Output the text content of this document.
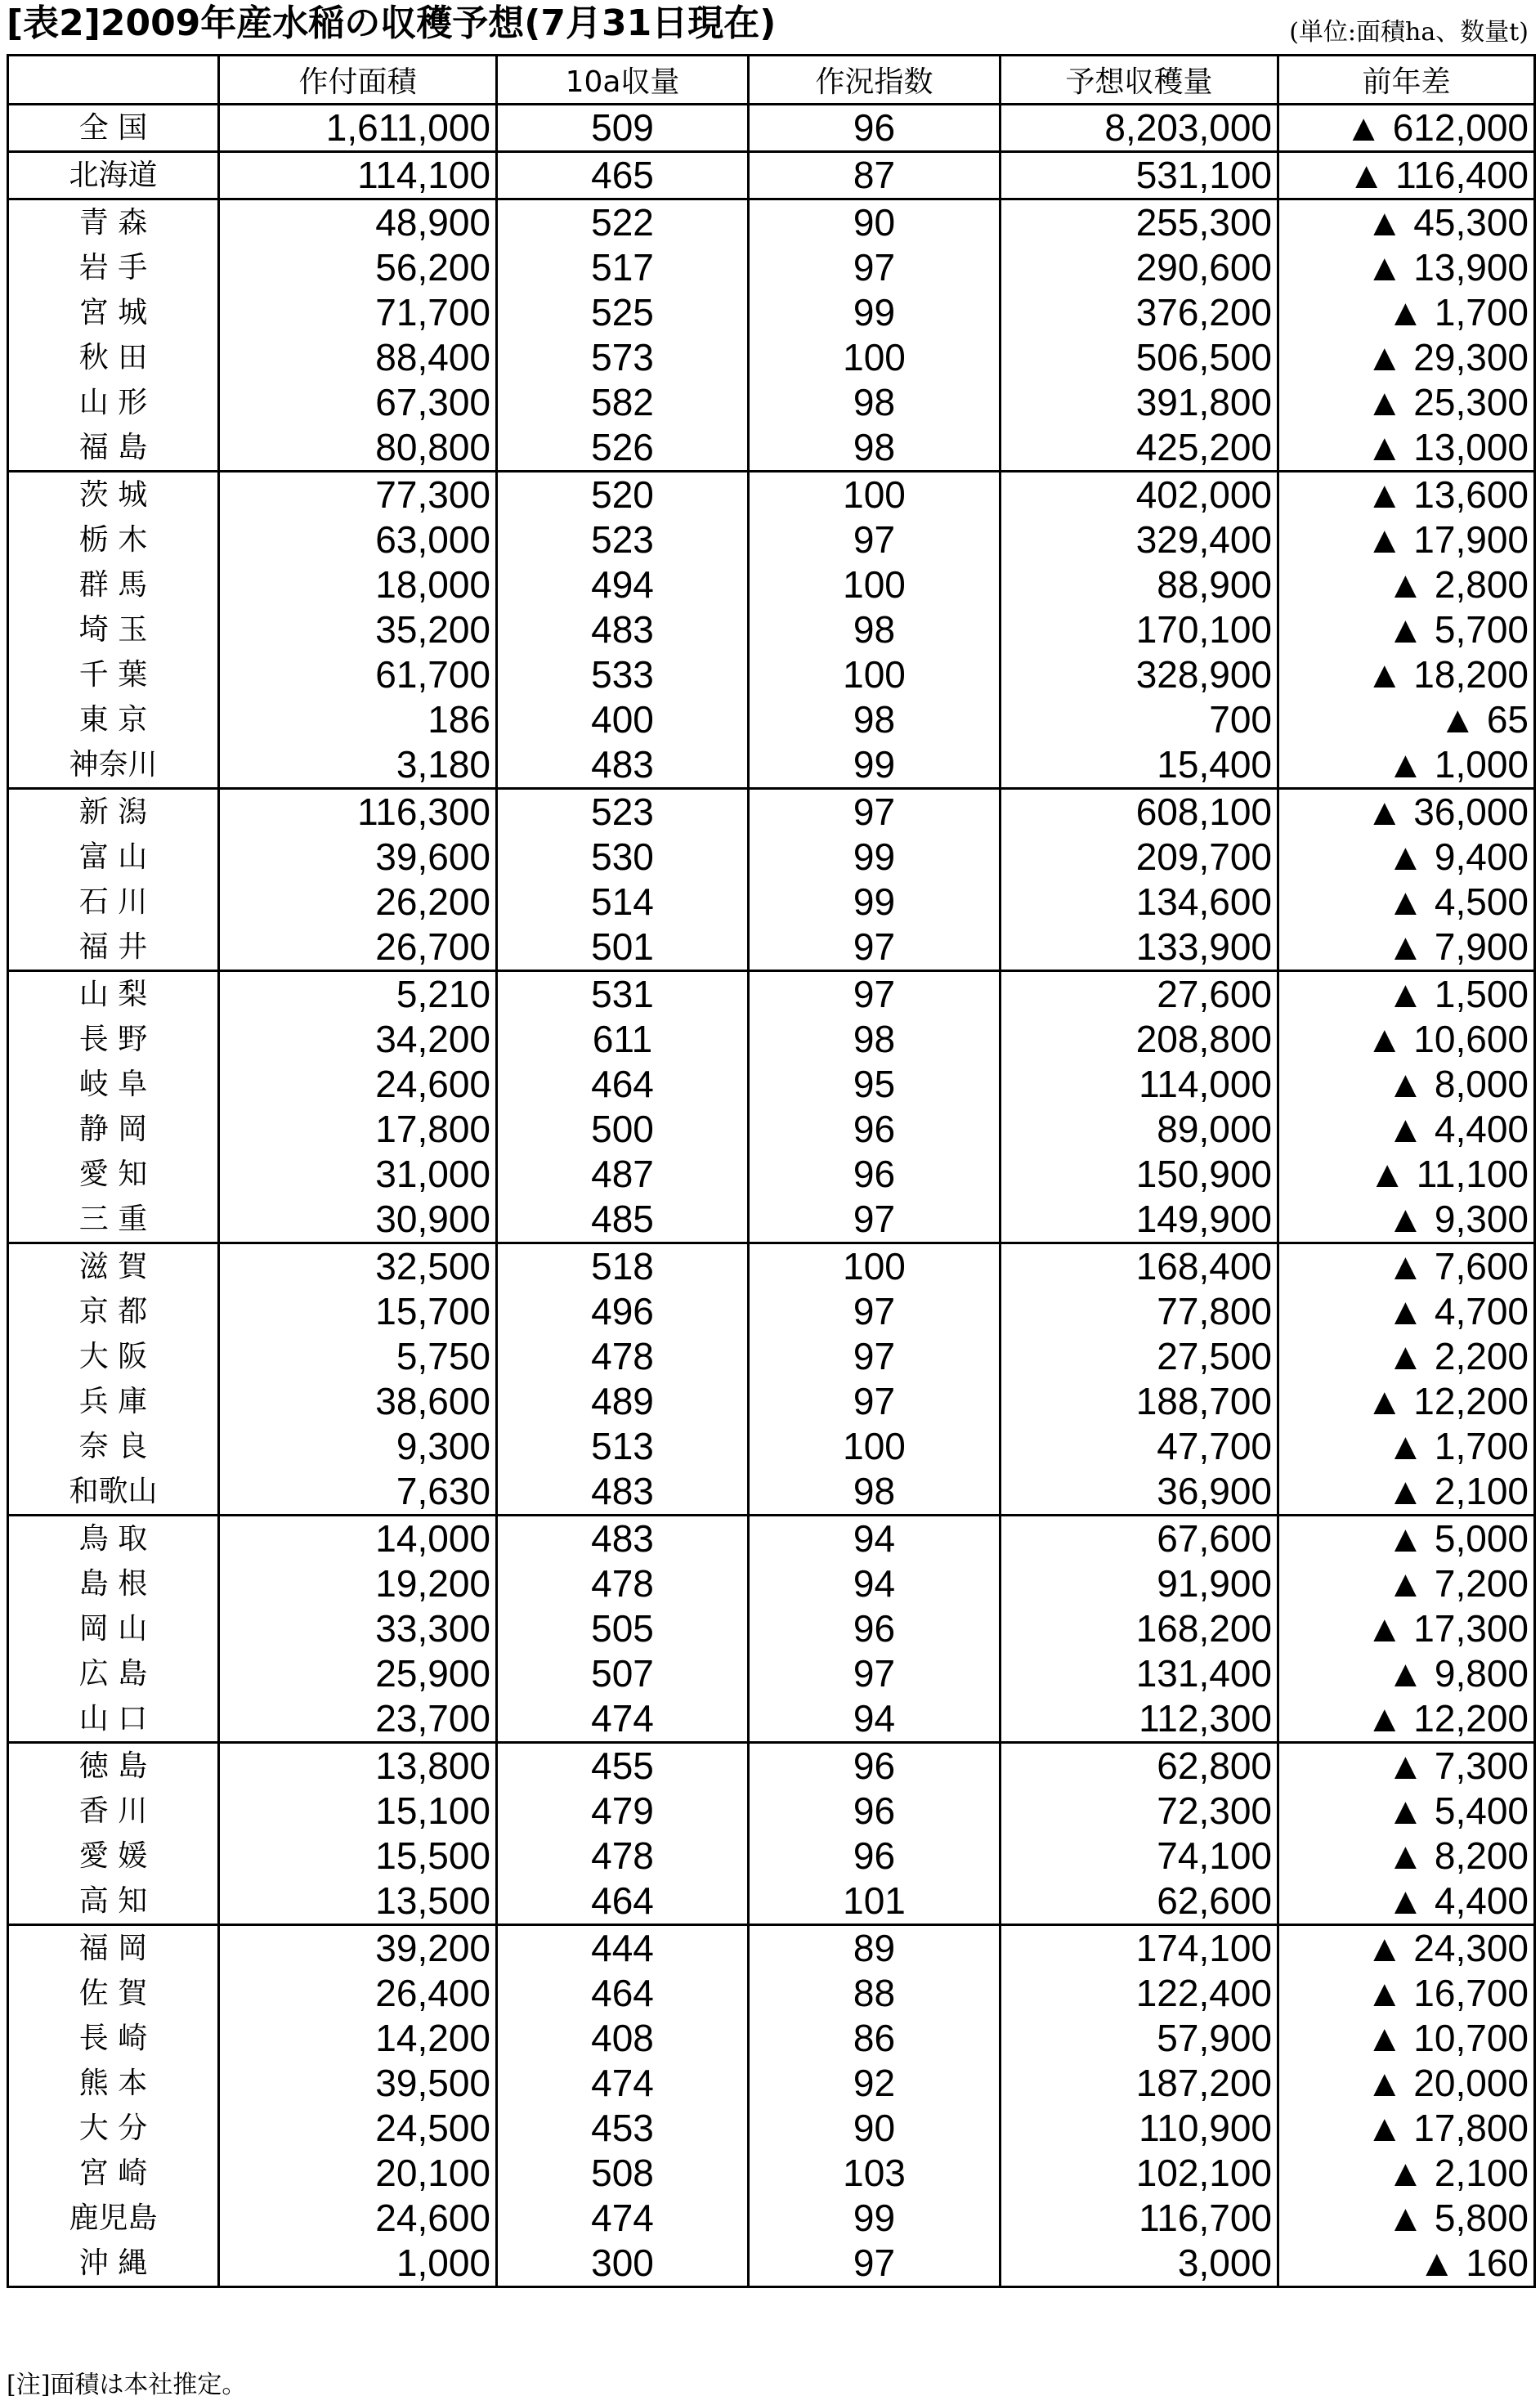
[表2]2009年産水稲の収穫予想(7月31日現在)	(単位:面積ha、数量t)
	作付面積	10a収量	作況指数	予想収穫量	前年差
全 国	1,611,000	509	96	8,203,000	▲ 612,000
北海道	114,100	465	87	531,100	▲ 116,400
青 森	48,900	522	90	255,300	▲ 45,300
岩 手	56,200	517	97	290,600	▲ 13,900
宮 城	71,700	525	99	376,200	▲ 1,700
秋 田	88,400	573	100	506,500	▲ 29,300
山 形	67,300	582	98	391,800	▲ 25,300
福 島	80,800	526	98	425,200	▲ 13,000
茨 城	77,300	520	100	402,000	▲ 13,600
栃 木	63,000	523	97	329,400	▲ 17,900
群 馬	18,000	494	100	88,900	▲ 2,800
埼 玉	35,200	483	98	170,100	▲ 5,700
千 葉	61,700	533	100	328,900	▲ 18,200
東 京	186	400	98	700	▲ 65
神奈川	3,180	483	99	15,400	▲ 1,000
新 潟	116,300	523	97	608,100	▲ 36,000
富 山	39,600	530	99	209,700	▲ 9,400
石 川	26,200	514	99	134,600	▲ 4,500
福 井	26,700	501	97	133,900	▲ 7,900
山 梨	5,210	531	97	27,600	▲ 1,500
長 野	34,200	611	98	208,800	▲ 10,600
岐 阜	24,600	464	95	114,000	▲ 8,000
静 岡	17,800	500	96	89,000	▲ 4,400
愛 知	31,000	487	96	150,900	▲ 11,100
三 重	30,900	485	97	149,900	▲ 9,300
滋 賀	32,500	518	100	168,400	▲ 7,600
京 都	15,700	496	97	77,800	▲ 4,700
大 阪	5,750	478	97	27,500	▲ 2,200
兵 庫	38,600	489	97	188,700	▲ 12,200
奈 良	9,300	513	100	47,700	▲ 1,700
和歌山	7,630	483	98	36,900	▲ 2,100
鳥 取	14,000	483	94	67,600	▲ 5,000
島 根	19,200	478	94	91,900	▲ 7,200
岡 山	33,300	505	96	168,200	▲ 17,300
広 島	25,900	507	97	131,400	▲ 9,800
山 口	23,700	474	94	112,300	▲ 12,200
徳 島	13,800	455	96	62,800	▲ 7,300
香 川	15,100	479	96	72,300	▲ 5,400
愛 媛	15,500	478	96	74,100	▲ 8,200
高 知	13,500	464	101	62,600	▲ 4,400
福 岡	39,200	444	89	174,100	▲ 24,300
佐 賀	26,400	464	88	122,400	▲ 16,700
長 崎	14,200	408	86	57,900	▲ 10,700
熊 本	39,500	474	92	187,200	▲ 20,000
大 分	24,500	453	90	110,900	▲ 17,800
宮 崎	20,100	508	103	102,100	▲ 2,100
鹿児島	24,600	474	99	116,700	▲ 5,800
沖 縄	1,000	300	97	3,000	▲ 160
[注]面積は本社推定。
